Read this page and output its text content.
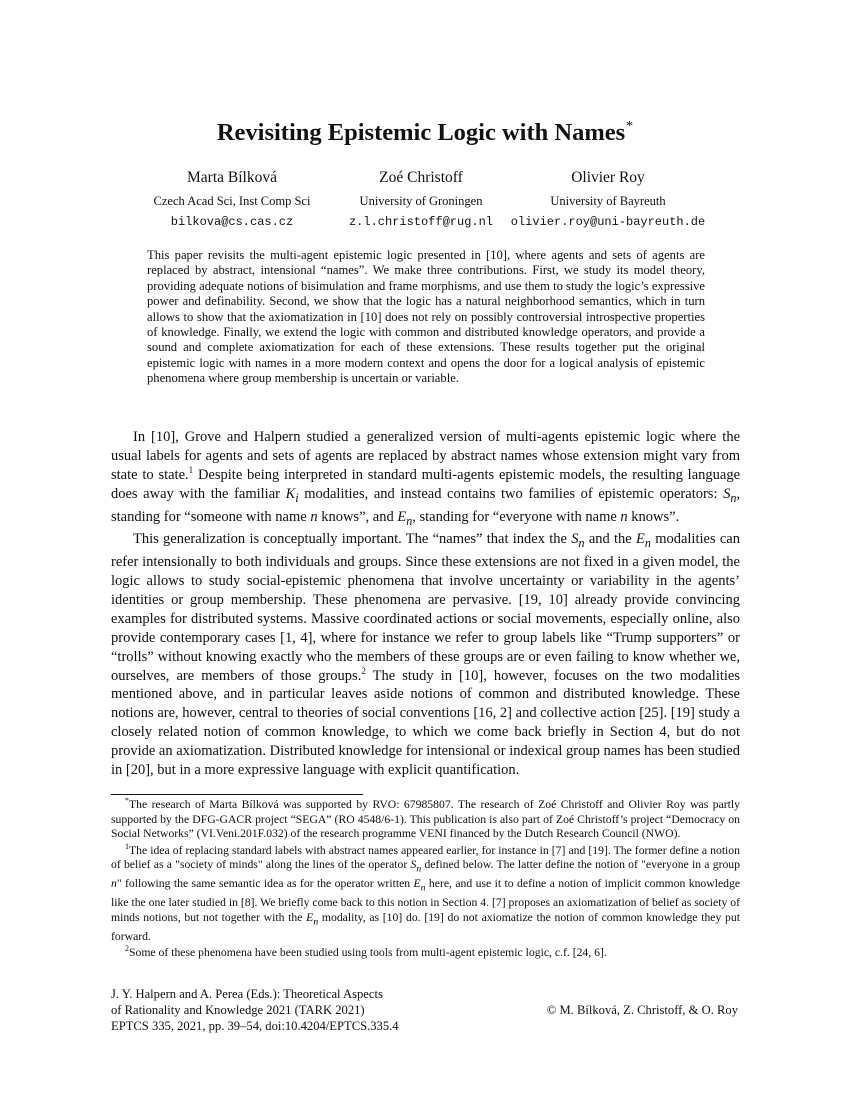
Revisiting Epistemic Logic with Names*
Marta Bílková
Czech Acad Sci, Inst Comp Sci
bilkova@cs.cas.cz
Zoé Christoff
University of Groningen
z.l.christoff@rug.nl
Olivier Roy
University of Bayreuth
olivier.roy@uni-bayreuth.de

This paper revisits the multi-agent epistemic logic presented in [10], where agents and sets of agents are replaced by abstract, intensional “names”. We make three contributions. First, we study its model theory, providing adequate notions of bisimulation and frame morphisms, and use them to study the logic’s expressive power and definability. Second, we show that the logic has a natural neighborhood semantics, which in turn allows to show that the axiomatization in [10] does not rely on possibly controversial introspective properties of knowledge. Finally, we extend the logic with common and distributed knowledge operators, and provide a sound and complete axiomatization for each of these extensions. These results together put the original epistemic logic with names in a more modern context and opens the door for a logical analysis of epistemic phenomena where group membership is uncertain or variable.

In [10], Grove and Halpern studied a generalized version of multi-agents epistemic logic where the usual labels for agents and sets of agents are replaced by abstract names whose extension might vary from state to state.$^1$ Despite being interpreted in standard multi-agents epistemic models, the resulting language does away with the familiar $K_i$ modalities, and instead contains two families of epistemic operators: $S_n$, standing for “someone with name n knows”, and $E_n$, standing for “everyone with name n knows”.

This generalization is conceptually important. The “names” that index the $S_n$ and the $E_n$ modalities can refer intensionally to both individuals and groups. Since these extensions are not fixed in a given model, the logic allows to study social-epistemic phenomena that involve uncertainty or variability in the agents’ identities or group membership. These phenomena are pervasive. [19, 10] already provide convincing examples for distributed systems. Massive coordinated actions or social movements, especially online, also provide contemporary cases [1, 4], where for instance we refer to group labels like “Trump supporters” or “trolls” without knowing exactly who the members of these groups are or even failing to know whether we, ourselves, are members of those groups.$^2$ The study in [10], however, focuses on the two modalities mentioned above, and in particular leaves aside notions of common and distributed knowledge. These notions are, however, central to theories of social conventions [16, 2] and collective action [25]. [19] study a closely related notion of common knowledge, to which we come back briefly in Section 4, but do not provide an axiomatization. Distributed knowledge for intensional or indexical group names has been studied in [20], but in a more expressive language with explicit quantification.

*The research of Marta Bílková was supported by RVO: 67985807. The research of Zoé Christoff and Olivier Roy was partly supported by the DFG-GACR project “SEGA” (RO 4548/6-1). This publication is also part of Zoé Christoff’s project “Democracy on Social Networks” (VI.Veni.201F.032) of the research programme VENI financed by the Dutch Research Council (NWO).

$^1$The idea of replacing standard labels with abstract names appeared earlier, for instance in [7] and [19]. The former define a notion of belief as a "society of minds" along the lines of the operator $S_n$ defined below. The latter define the notion of "everyone in a group n" following the same semantic idea as for the operator written $E_n$ here, and use it to define a notion of implicit common knowledge like the one later studied in [8]. We briefly come back to this notion in Section 4. [7] proposes an axiomatization of belief as society of minds notions, but not together with the $E_n$ modality, as [10] do. [19] do not axiomatize the notion of common knowledge they put forward.

$^2$Some of these phenomena have been studied using tools from multi-agent epistemic logic, c.f. [24, 6].

J. Y. Halpern and A. Perea (Eds.): Theoretical Aspects
of Rationality and Knowledge 2021 (TARK 2021)
EPTCS 335, 2021, pp. 39–54, doi:10.4204/EPTCS.335.4
© M. Bílková, Z. Christoff, & O. Roy
